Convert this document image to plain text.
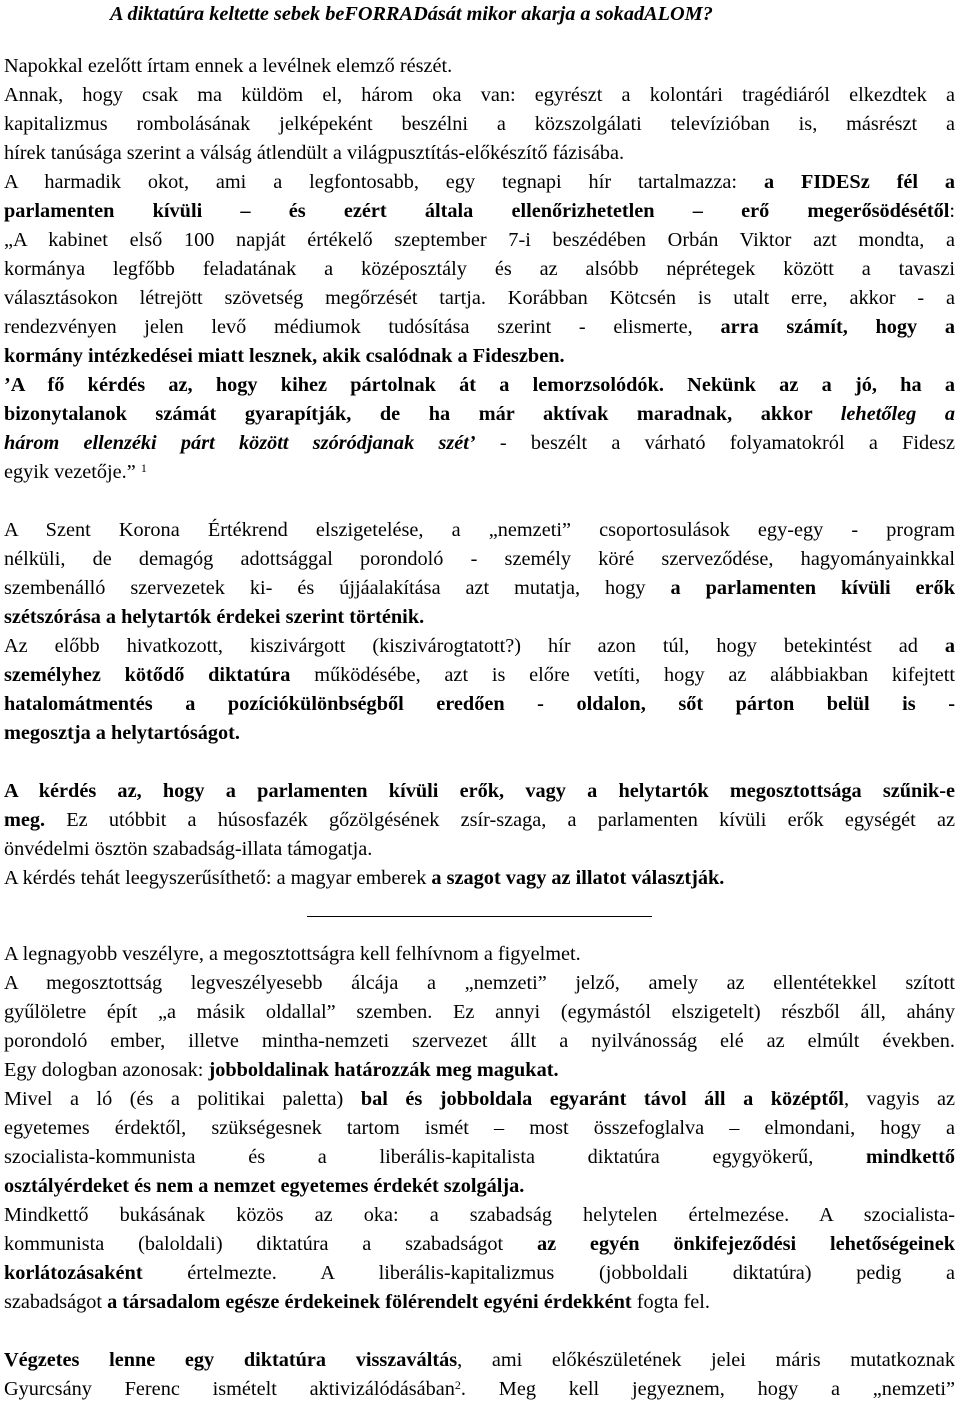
A diktatúra keltette sebek beFORRADását mikor akarja a sokadALOM?
Napokkal ezelőtt írtam ennek a levélnek elemző részét.
Annak, hogy csak ma küldöm el, három oka van: egyrészt a kolontári tragédiáról elkezdtek a
kapitalizmus rombolásának jelképeként beszélni a közszolgálati televízióban is, másrészt a
hírek tanúsága szerint a válság átlendült a világpusztítás-előkészítő fázisába.
A harmadik okot, ami a legfontosabb, egy tegnapi hír tartalmazza: a FIDESz fél a
parlamenten kívüli – és ezért általa ellenőrizhetetlen – erő megerősödésétől:
„A kabinet első 100 napját értékelő szeptember 7-i beszédében Orbán Viktor azt mondta, a
kormánya legfőbb feladatának a középosztály és az alsóbb néprétegek között a tavaszi
választásokon létrejött szövetség megőrzését tartja. Korábban Kötcsén is utalt erre, akkor - a
rendezvényen jelen levő médiumok tudósítása szerint - elismerte, arra számít, hogy a
kormány intézkedései miatt lesznek, akik csalódnak a Fideszben.
’A fő kérdés az, hogy kihez pártolnak át a lemorzsolódók. Nekünk az a jó, ha a
bizonytalanok számát gyarapítják, de ha már aktívak maradnak, akkor lehetőleg a
három ellenzéki párt között szóródjanak szét’ - beszélt a várható folyamatokról a Fidesz
egyik vezetője.” $^1$
A Szent Korona Értékrend elszigetelése, a „nemzeti” csoportosulások egy-egy - program
nélküli, de demagóg adottsággal porondoló - személy köré szerveződése, hagyományainkkal
szembenálló szervezetek ki- és újjáalakítása azt mutatja, hogy a parlamenten kívüli erők
szétszórása a helytartók érdekei szerint történik.
Az előbb hivatkozott, kiszivárgott (kiszivárogtatott?) hír azon túl, hogy betekintést ad a
személyhez kötődő diktatúra működésébe, azt is előre vetíti, hogy az alábbiakban kifejtett
hatalomátmentés a pozíciókülönbségből eredően - oldalon, sőt párton belül is -
megosztja a helytartóságot.
A kérdés az, hogy a parlamenten kívüli erők, vagy a helytartók megosztottsága szűnik-e
meg. Ez utóbbit a húsosfazék gőzölgésének zsír-szaga, a parlamenten kívüli erők egységét az
önvédelmi ösztön szabadság-illata támogatja.
A kérdés tehát leegyszerűsíthető: a magyar emberek a szagot vagy az illatot választják.
A legnagyobb veszélyre, a megosztottságra kell felhívnom a figyelmet.
A megosztottság legveszélyesebb álcája a „nemzeti” jelző, amely az ellentétekkel szított
gyűlöletre épít „a másik oldallal” szemben. Ez annyi (egymástól elszigetelt) részből áll, ahány
porondoló ember, illetve mintha-nemzeti szervezet állt a nyilvánosság elé az elmúlt években.
Egy dologban azonosak: jobboldalinak határozzák meg magukat.
Mivel a ló (és a politikai paletta) bal és jobboldala egyaránt távol áll a középtől, vagyis az
egyetemes érdektől, szükségesnek tartom ismét – most összefoglalva – elmondani, hogy a
szocialista-kommunista és a liberális-kapitalista diktatúra egygyökerű, mindkettő
osztályérdeket és nem a nemzet egyetemes érdekét szolgálja.
Mindkettő bukásának közös az oka: a szabadság helytelen értelmezése. A szocialista-
kommunista (baloldali) diktatúra a szabadságot az egyén önkifejeződési lehetőségeinek
korlátozásaként értelmezte. A liberális-kapitalizmus (jobboldali diktatúra) pedig a
szabadságot a társadalom egésze érdekeinek fölérendelt egyéni érdekként fogta fel.
Végzetes lenne egy diktatúra visszaváltás, ami előkészületének jelei máris mutatkoznak
Gyurcsány Ferenc ismételt aktivizálódásában$^2$. Meg kell jegyeznem, hogy a „nemzeti”
